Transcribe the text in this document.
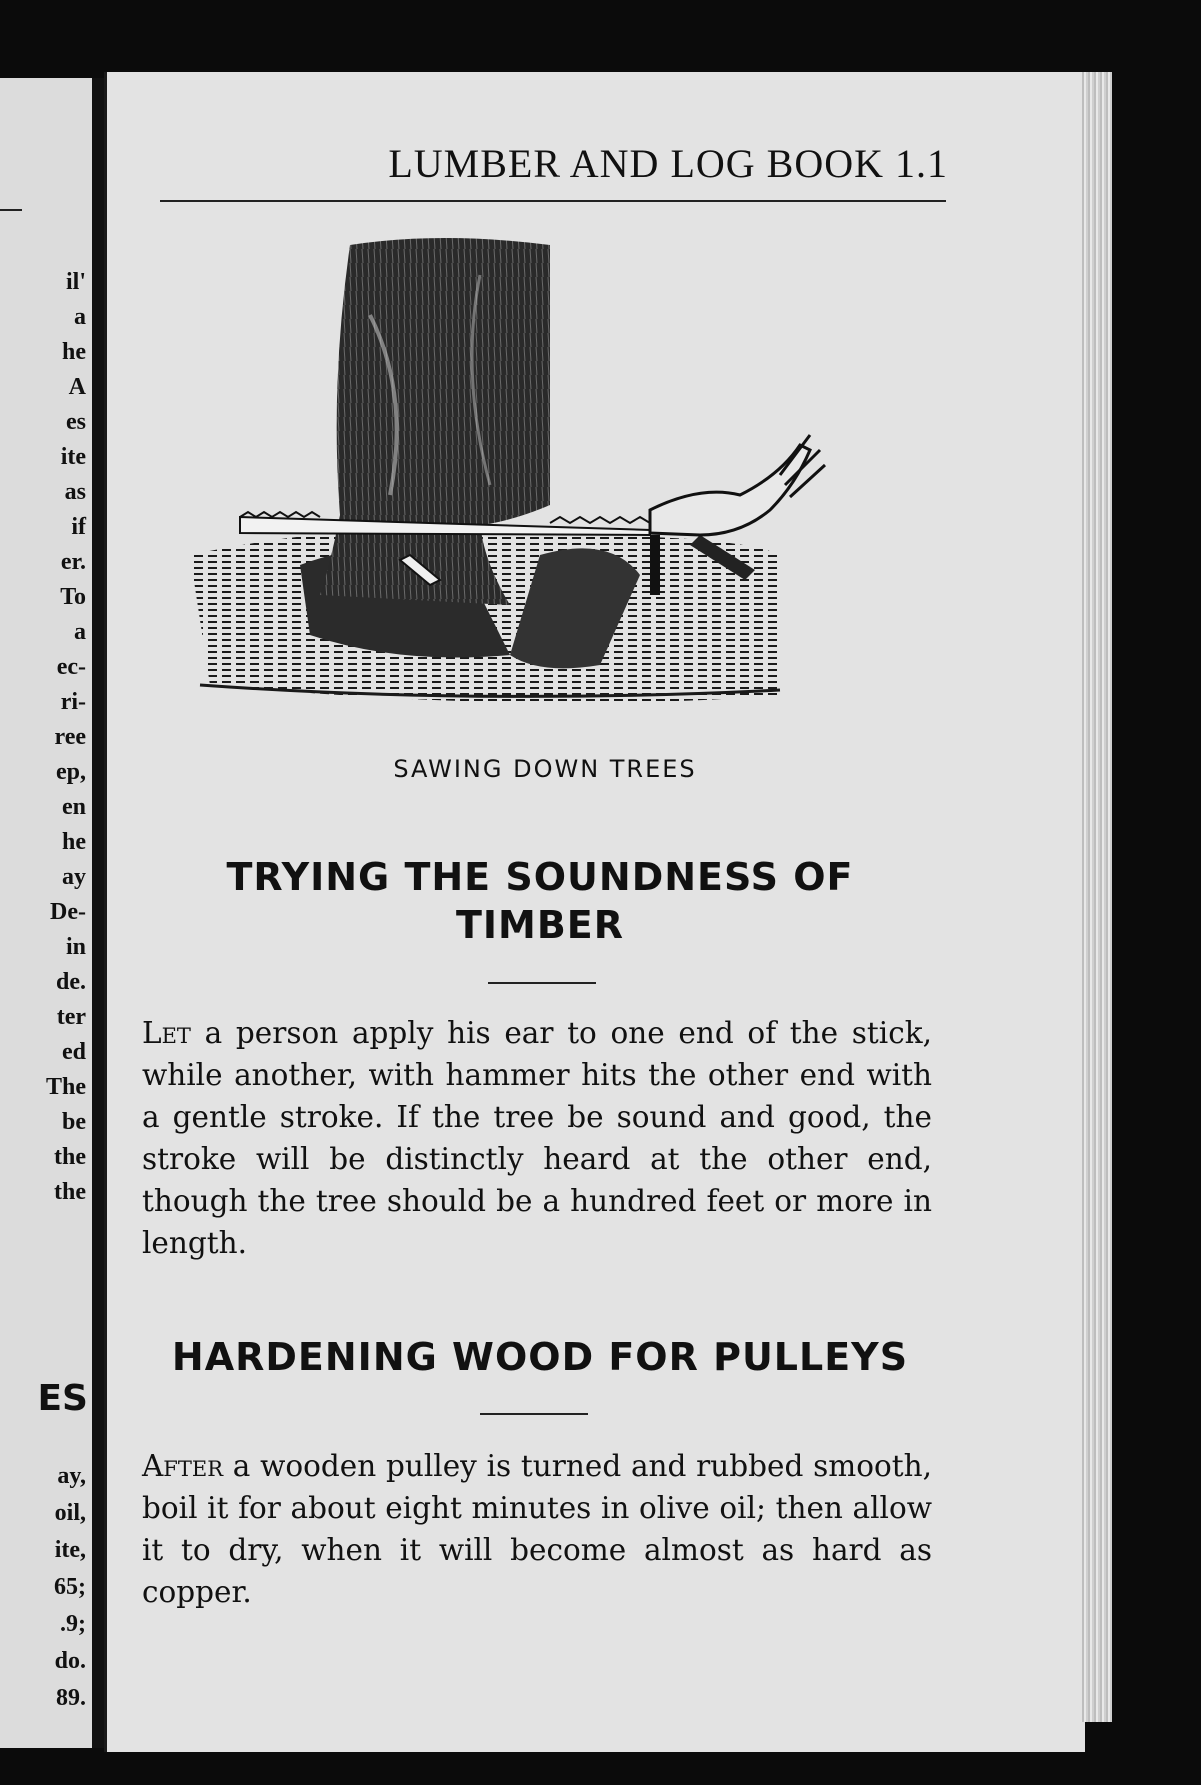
il'
a
he
A
es
ite
as
if
er.
To
a
ec-
ri-
ree
ep,
en
he
ay
De-
in
de.
ter
ed
The
be
the
the
ES
ay,
oil,
ite,
65;
.9;
do.
89.
LUMBER AND LOG BOOK 1.1
SAWING DOWN TREES
TRYING THE SOUNDNESS OF TIMBER
Let a person apply his ear to one end of the stick, while another, with hammer hits the other end with a gentle stroke. If the tree be sound and good, the stroke will be distinctly heard at the other end, though the tree should be a hundred feet or more in length.
HARDENING WOOD FOR PULLEYS
After a wooden pulley is turned and rubbed smooth, boil it for about eight minutes in olive oil; then allow it to dry, when it will become almost as hard as copper.
